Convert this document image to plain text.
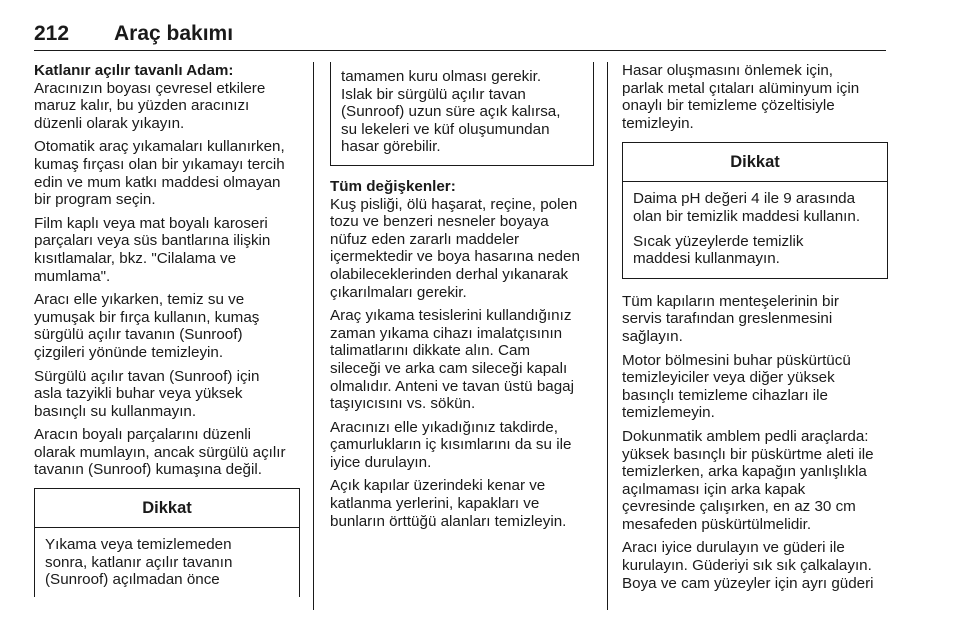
212 Araç bakımı
Katlanır açılır tavanlı Adam:
Aracınızın boyası çevresel etkilere
maruz kalır, bu yüzden aracınızı
düzenli olarak yıkayın.
Otomatik araç yıkamaları kullanırken,
kumaş fırçası olan bir yıkamayı tercih
edin ve mum katkı maddesi olmayan
bir program seçin.
Film kaplı veya mat boyalı karoseri
parçaları veya süs bantlarına ilişkin
kısıtlamalar, bkz. "Cilalama ve
mumlama".
Aracı elle yıkarken, temiz su ve
yumuşak bir fırça kullanın, kumaş
sürgülü açılır tavanın (Sunroof)
çizgileri yönünde temizleyin.
Sürgülü açılır tavan (Sunroof) için
asla tazyikli buhar veya yüksek
basınçlı su kullanmayın.
Aracın boyalı parçalarını düzenli
olarak mumlayın, ancak sürgülü açılır
tavanın (Sunroof) kumaşına değil.
Dikkat
Yıkama veya temizlemeden
sonra, katlanır açılır tavanın
(Sunroof) açılmadan önce
tamamen kuru olması gerekir.
Islak bir sürgülü açılır tavan
(Sunroof) uzun süre açık kalırsa,
su lekeleri ve küf oluşumundan
hasar görebilir.
Tüm değişkenler:
Kuş pisliği, ölü haşarat, reçine, polen
tozu ve benzeri nesneler boyaya
nüfuz eden zararlı maddeler
içermektedir ve boya hasarına neden
olabileceklerinden derhal yıkanarak
çıkarılmaları gerekir.
Araç yıkama tesislerini kullandığınız
zaman yıkama cihazı imalatçısının
talimatlarını dikkate alın. Cam
sileceği ve arka cam sileceği kapalı
olmalıdır. Anteni ve tavan üstü bagaj
taşıyıcısını vs. sökün.
Aracınızı elle yıkadığınız takdirde,
çamurlukların iç kısımlarını da su ile
iyice durulayın.
Açık kapılar üzerindeki kenar ve
katlanma yerlerini, kapakları ve
bunların örttüğü alanları temizleyin.
Hasar oluşmasını önlemek için,
parlak metal çıtaları alüminyum için
onaylı bir temizleme çözeltisiyle
temizleyin.
Dikkat
Daima pH değeri 4 ile 9 arasında
olan bir temizlik maddesi kullanın.
Sıcak yüzeylerde temizlik
maddesi kullanmayın.
Tüm kapıların menteşelerinin bir
servis tarafından greslenmesini
sağlayın.
Motor bölmesini buhar püskürtücü
temizleyiciler veya diğer yüksek
basınçlı temizleme cihazları ile
temizlemeyin.
Dokunmatik amblem pedli araçlarda:
yüksek basınçlı bir püskürtme aleti ile
temizlerken, arka kapağın yanlışlıkla
açılmaması için arka kapak
çevresinde çalışırken, en az 30 cm
mesafeden püskürtülmelidir.
Aracı iyice durulayın ve güderi ile
kurulayın. Güderiyi sık sık çalkalayın.
Boya ve cam yüzeyler için ayrı güderi
